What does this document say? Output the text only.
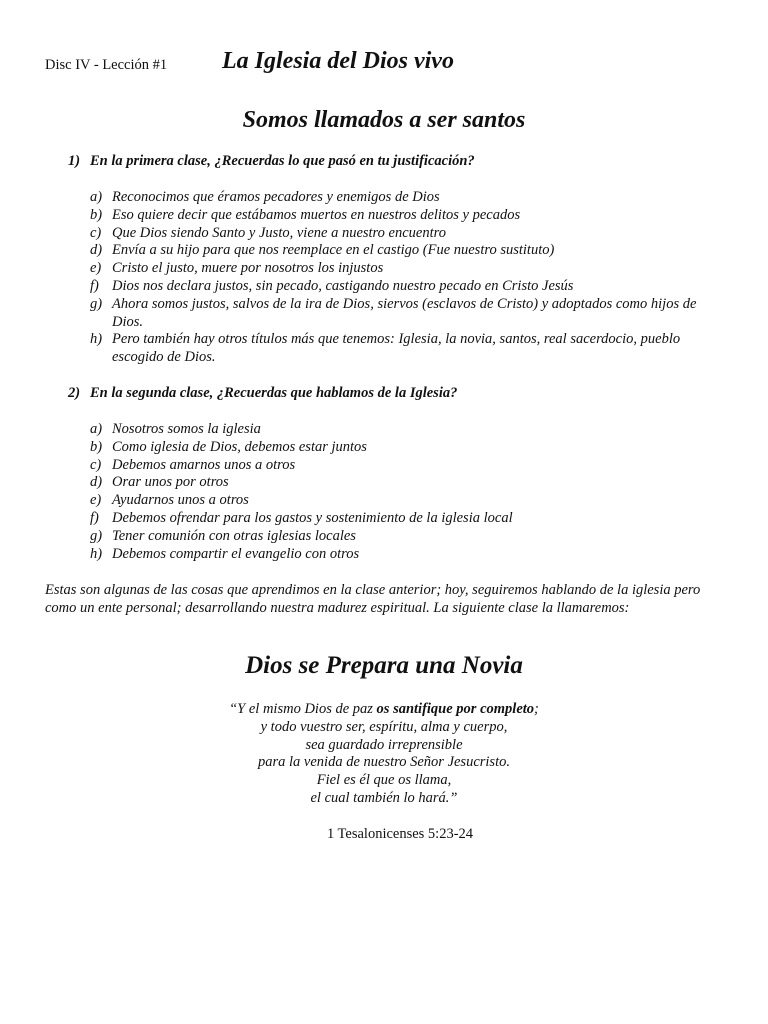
Disc IV - Lección #1 La Iglesia del Dios vivo
Somos llamados a ser santos
1) En la primera clase, ¿Recuerdas lo que pasó en tu justificación?
a) Reconocimos que éramos pecadores y enemigos de Dios
b) Eso quiere decir que estábamos muertos en nuestros delitos y pecados
c) Que Dios siendo Santo y Justo, viene a nuestro encuentro
d) Envía a su hijo para que nos reemplace en el castigo (Fue nuestro sustituto)
e) Cristo el justo, muere por nosotros los injustos
f) Dios nos declara justos, sin pecado, castigando nuestro pecado en Cristo Jesús
g) Ahora somos justos, salvos de la ira de Dios, siervos (esclavos de Cristo) y adoptados como hijos de Dios.
h) Pero también hay otros títulos más que tenemos: Iglesia, la novia, santos, real sacerdocio, pueblo escogido de Dios.
2) En la segunda clase, ¿Recuerdas que hablamos de la Iglesia?
a) Nosotros somos la iglesia
b) Como iglesia de Dios, debemos estar juntos
c) Debemos amarnos unos a otros
d) Orar unos por otros
e) Ayudarnos unos a otros
f) Debemos ofrendar para los gastos y sostenimiento de la iglesia local
g) Tener comunión con otras iglesias locales
h) Debemos compartir el evangelio con otros
Estas son algunas de las cosas que aprendimos en la clase anterior; hoy, seguiremos hablando de la iglesia pero como un ente personal; desarrollando nuestra madurez espiritual. La siguiente clase la llamaremos:
Dios se Prepara una Novia
“Y el mismo Dios de paz os santifique por completo;
y todo vuestro ser, espíritu, alma y cuerpo,
sea guardado irreprensible
para la venida de nuestro Señor Jesucristo.
Fiel es él que os llama,
el cual también lo hará.”
1 Tesalonicenses 5:23-24
